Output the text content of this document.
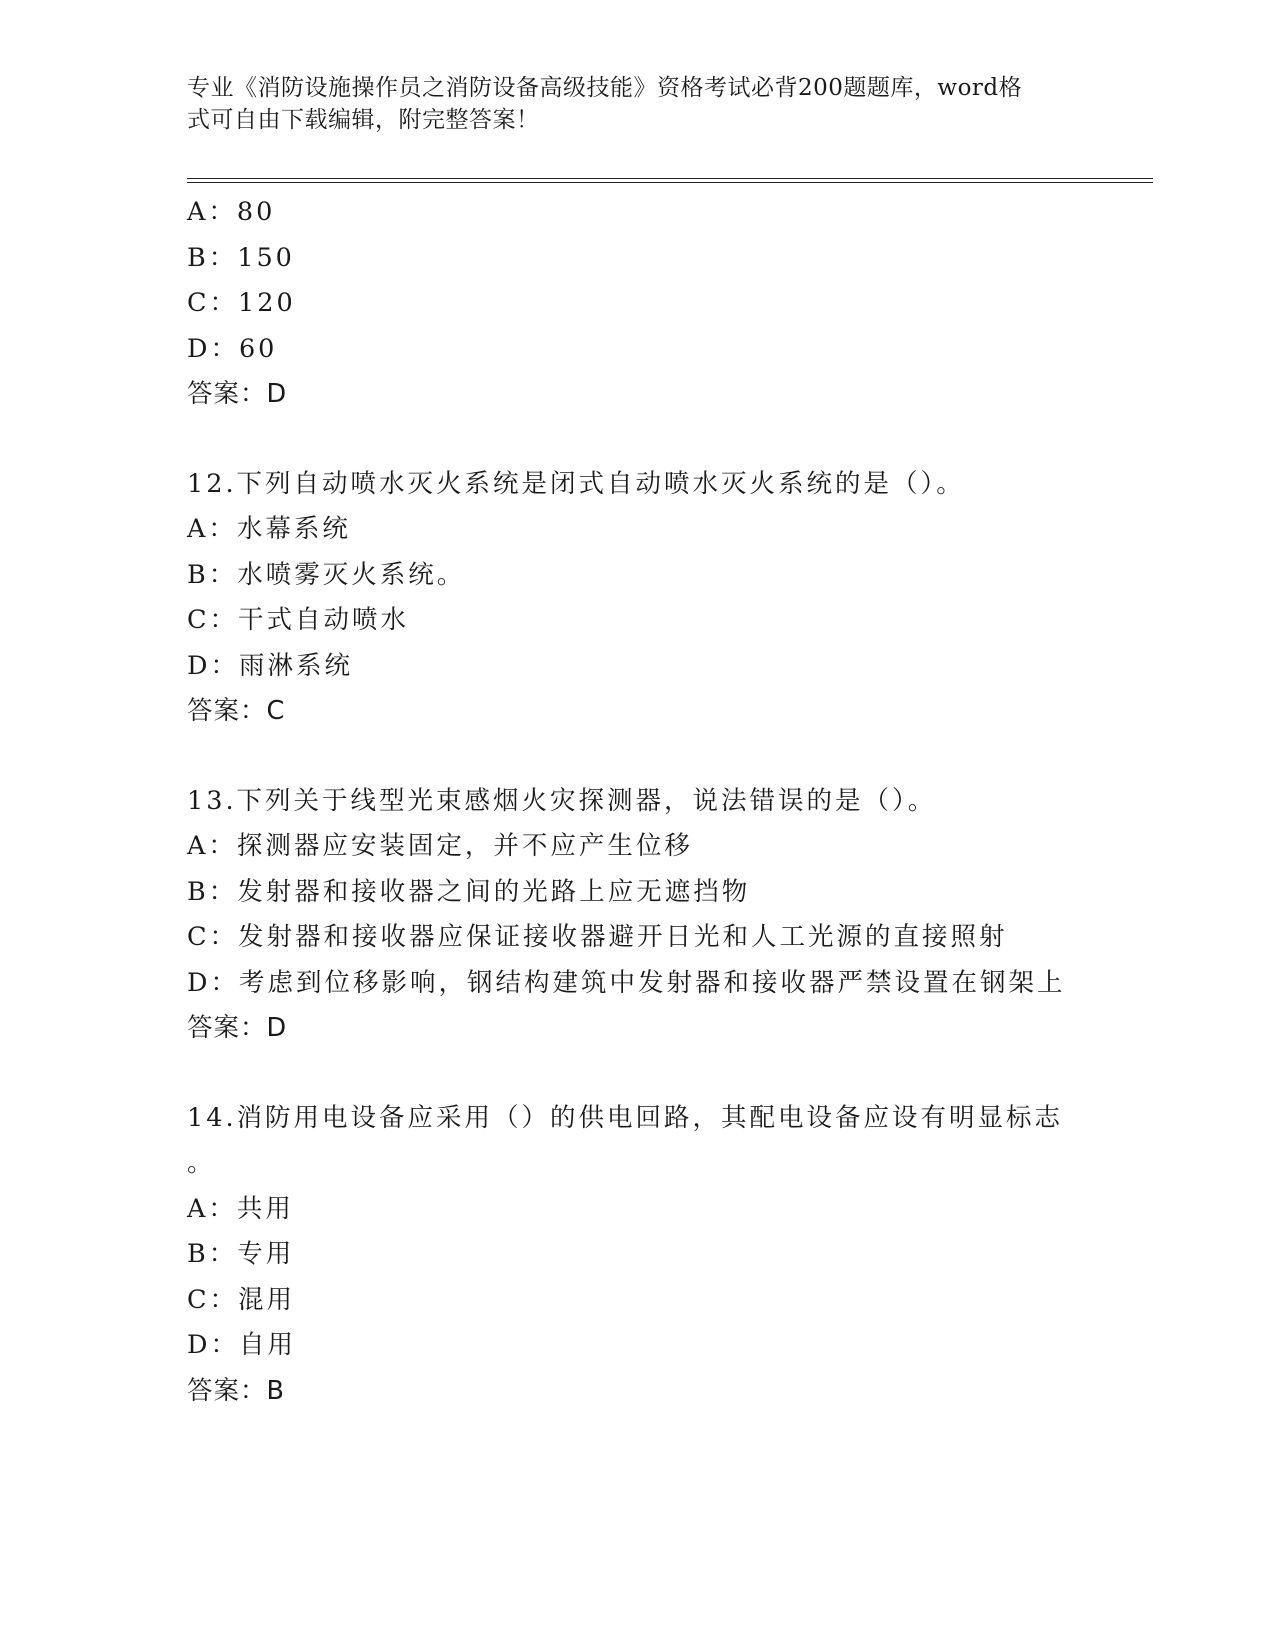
专业《消防设施操作员之消防设备高级技能》资格考试必背200题题库，word格
式可自由下载编辑，附完整答案！
A：80
B：150
C：120
D：60
答案：D
12.下列自动喷水灭火系统是闭式自动喷水灭火系统的是（）。
A：水幕系统
B：水喷雾灭火系统。
C：干式自动喷水
D：雨淋系统
答案：C
13.下列关于线型光束感烟火灾探测器，说法错误的是（）。
A：探测器应安装固定，并不应产生位移
B：发射器和接收器之间的光路上应无遮挡物
C：发射器和接收器应保证接收器避开日光和人工光源的直接照射
D：考虑到位移影响，钢结构建筑中发射器和接收器严禁设置在钢架上
答案：D
14.消防用电设备应采用（）的供电回路，其配电设备应设有明显标志
。
A：共用
B：专用
C：混用
D：自用
答案：B
